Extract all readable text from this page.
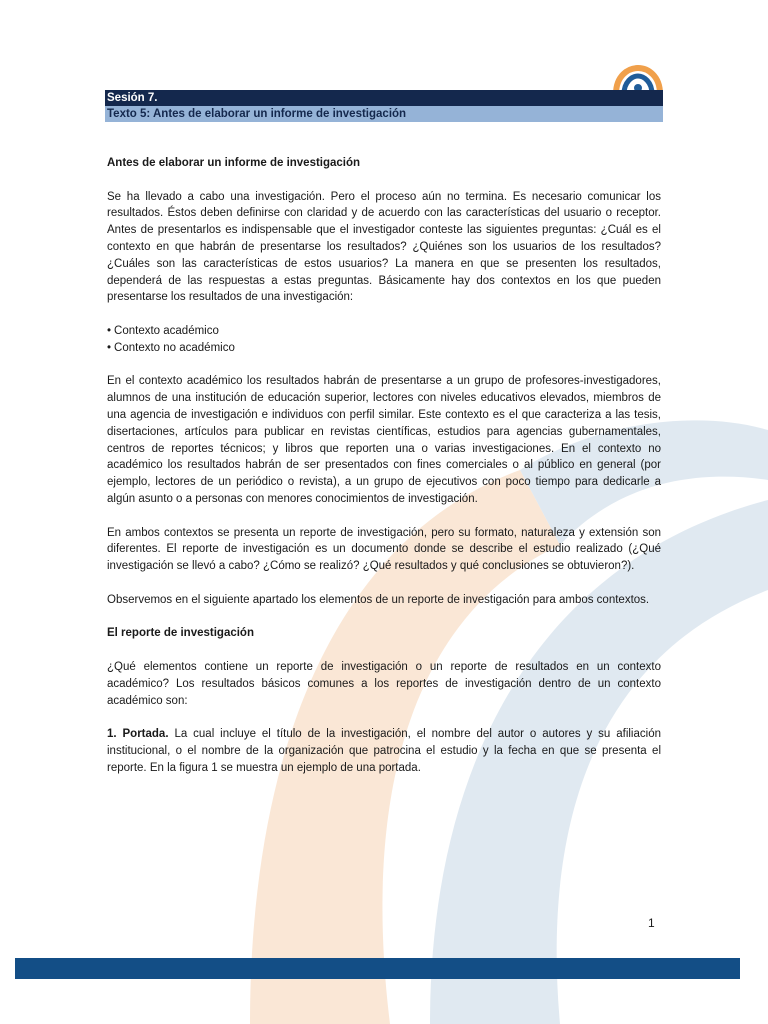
Sesión 7.
Texto 5: Antes de elaborar un informe de investigación

Antes de elaborar un informe de investigación

Se ha llevado a cabo una investigación. Pero el proceso aún no termina. Es necesario comunicar los resultados. Éstos deben definirse con claridad y de acuerdo con las características del usuario o receptor. Antes de presentarlos es indispensable que el investigador conteste las siguientes preguntas: ¿Cuál es el contexto en que habrán de presentarse los resultados? ¿Quiénes son los usuarios de los resultados? ¿Cuáles son las características de estos usuarios? La manera en que se presenten los resultados, dependerá de las respuestas a estas preguntas. Básicamente hay dos contextos en los que pueden presentarse los resultados de una investigación:

• Contexto académico
• Contexto no académico

En el contexto académico los resultados habrán de presentarse a un grupo de profesores-investigadores, alumnos de una institución de educación superior, lectores con niveles educativos elevados, miembros de una agencia de investigación e individuos con perfil similar. Este contexto es el que caracteriza a las tesis, disertaciones, artículos para publicar en revistas científicas, estudios para agencias gubernamentales, centros de reportes técnicos; y libros que reporten una o varias investigaciones. En el contexto no académico los resultados habrán de ser presentados con fines comerciales o al público en general (por ejemplo, lectores de un periódico o revista), a un grupo de ejecutivos con poco tiempo para dedicarle a algún asunto o a personas con menores conocimientos de investigación.

En ambos contextos se presenta un reporte de investigación, pero su formato, naturaleza y extensión son diferentes. El reporte de investigación es un documento donde se describe el estudio realizado (¿Qué investigación se llevó a cabo? ¿Cómo se realizó? ¿Qué resultados y qué conclusiones se obtuvieron?).

Observemos en el siguiente apartado los elementos de un reporte de investigación para ambos contextos.

El reporte de investigación

¿Qué elementos contiene un reporte de investigación o un reporte de resultados en un contexto académico? Los resultados básicos comunes a los reportes de investigación dentro de un contexto académico son:

1. Portada. La cual incluye el título de la investigación, el nombre del autor o autores y su afiliación institucional, o el nombre de la organización que patrocina el estudio y la fecha en que se presenta el reporte. En la figura 1 se muestra un ejemplo de una portada.

1
